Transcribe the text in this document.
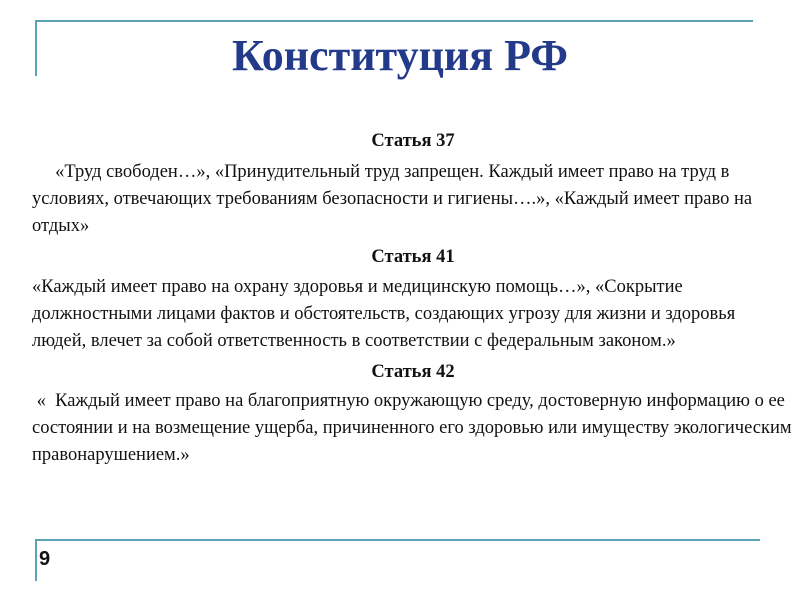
Конституция РФ
Статья 37
«Труд свободен…», «Принудительный труд запрещен. Каждый имеет право на труд в условиях, отвечающих требованиям безопасности и гигиены….», «Каждый имеет право на отдых»
Статья 41
«Каждый имеет право на охрану здоровья и медицинскую помощь…», «Сокрытие должностными лицами фактов и обстоятельств, создающих угрозу для жизни и здоровья людей, влечет за собой ответственность в соответствии с федеральным законом.»
Статья 42
«  Каждый имеет право на благоприятную окружающую среду, достоверную информацию о ее состоянии и на возмещение ущерба, причиненного его здоровью или имуществу экологическим правонарушением.»
9
